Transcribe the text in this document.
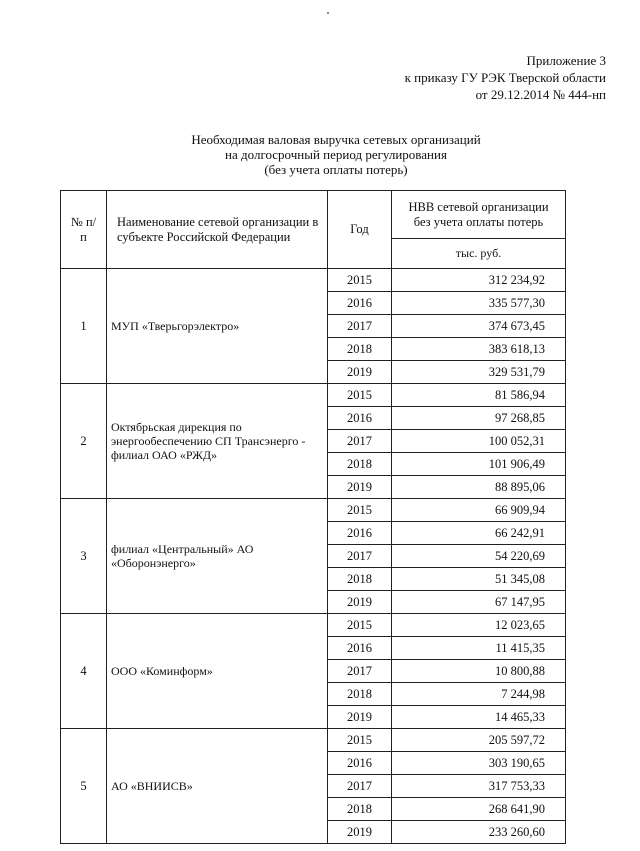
Приложение 3
к приказу ГУ РЭК Тверской области
от 29.12.2014 № 444-нп
Необходимая валовая выручка сетевых организаций
на долгосрочный период регулирования
(без учета оплаты потерь)
№ п/п	Наименование сетевой организации в субъекте Российской Федерации	Год	НВВ сетевой организации без учета оплаты потерь
			тыс. руб.
1	МУП «Тверьгорэлектро»	2015	312 234,92
		2016	335 577,30
		2017	374 673,45
		2018	383 618,13
		2019	329 531,79
2	Октябрьская дирекция по энергообеспечению СП Трансэнерго - филиал ОАО «РЖД»	2015	81 586,94
		2016	97 268,85
		2017	100 052,31
		2018	101 906,49
		2019	88 895,06
3	филиал «Центральный» АО «Оборонэнерго»	2015	66 909,94
		2016	66 242,91
		2017	54 220,69
		2018	51 345,08
		2019	67 147,95
4	ООО «Коминформ»	2015	12 023,65
		2016	11 415,35
		2017	10 800,88
		2018	7 244,98
		2019	14 465,33
5	АО «ВНИИСВ»	2015	205 597,72
		2016	303 190,65
		2017	317 753,33
		2018	268 641,90
		2019	233 260,60
